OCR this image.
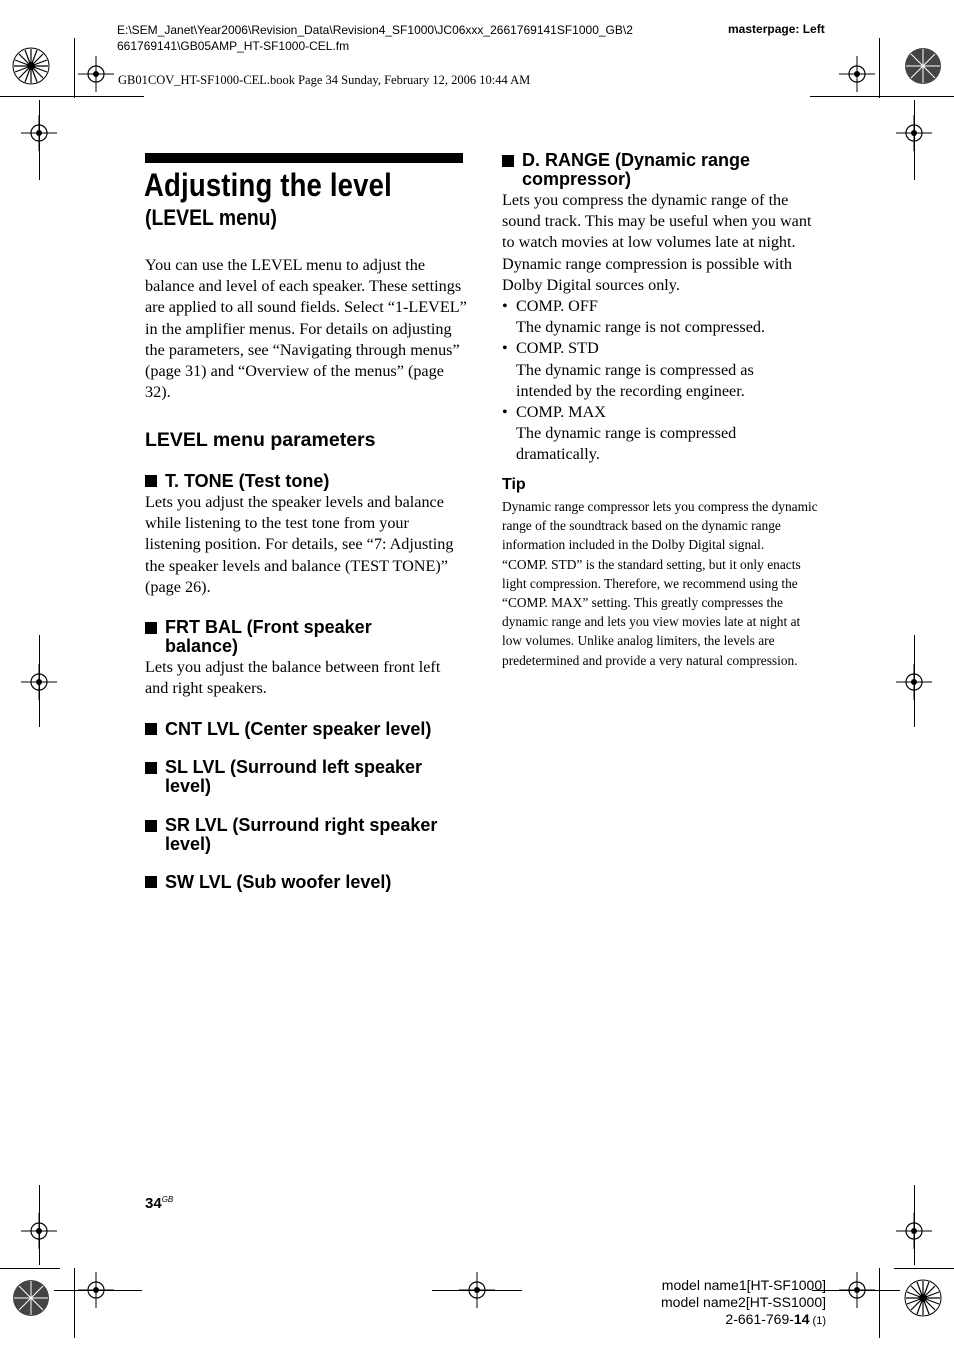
E:\SEM_Janet\Year2006\Revision_Data\Revision4_SF1000\JC06xxx_2661769141SF1000_GB\2
661769141\GB05AMP_HT-SF1000-CEL.fm
masterpage: Left
GB01COV_HT-SF1000-CEL.book Page 34 Sunday, February 12, 2006 10:44 AM
Adjusting the level
(LEVEL menu)
You can use the LEVEL menu to adjust the balance and level of each speaker. These settings are applied to all sound fields. Select “1-LEVEL” in the amplifier menus. For details on adjusting the parameters, see “Navigating through menus” (page 31) and “Overview of the menus” (page 32).
LEVEL menu parameters
T. TONE (Test tone)
Lets you adjust the speaker levels and balance while listening to the test tone from your listening position. For details, see “7: Adjusting the speaker levels and balance (TEST TONE)” (page 26).
FRT BAL (Front speaker balance)
Lets you adjust the balance between front left and right speakers.
CNT LVL (Center speaker level)
SL LVL (Surround left speaker level)
SR LVL (Surround right speaker level)
SW LVL (Sub woofer level)
D. RANGE (Dynamic range compressor)
Lets you compress the dynamic range of the sound track. This may be useful when you want to watch movies at low volumes late at night. Dynamic range compression is possible with Dolby Digital sources only.
• COMP. OFF
The dynamic range is not compressed.
• COMP. STD
The dynamic range is compressed as intended by the recording engineer.
• COMP. MAX
The dynamic range is compressed dramatically.
Tip
Dynamic range compressor lets you compress the dynamic range of the soundtrack based on the dynamic range information included in the Dolby Digital signal.
“COMP. STD” is the standard setting, but it only enacts light compression. Therefore, we recommend using the “COMP. MAX” setting. This greatly compresses the dynamic range and lets you view movies late at night at low volumes. Unlike analog limiters, the levels are predetermined and provide a very natural compression.
$34^{GB}$
model name1[HT-SF1000]
model name2[HT-SS1000]
2-661-769-14 (1)
